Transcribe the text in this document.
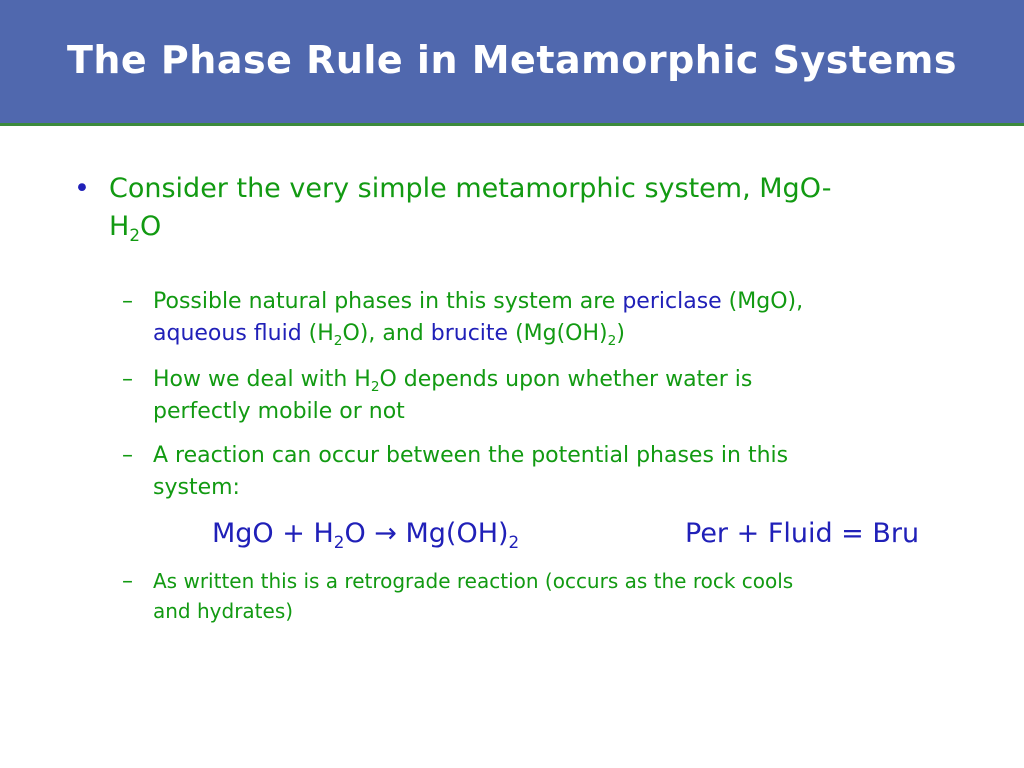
The Phase Rule in Metamorphic Systems
• Consider the very simple metamorphic system, MgO-
$H_2O$
– Possible natural phases in this system are periclase (MgO),
aqueous fluid $(H_2O)$, and brucite $(Mg(OH)_2)$
– How we deal with $H_2O$ depends upon whether water is
perfectly mobile or not
– A reaction can occur between the potential phases in this
system:
MgO + $H_2O \to Mg(OH)_2$	Per + Fluid = Bru
– As written this is a retrograde reaction (occurs as the rock cools
and hydrates)
